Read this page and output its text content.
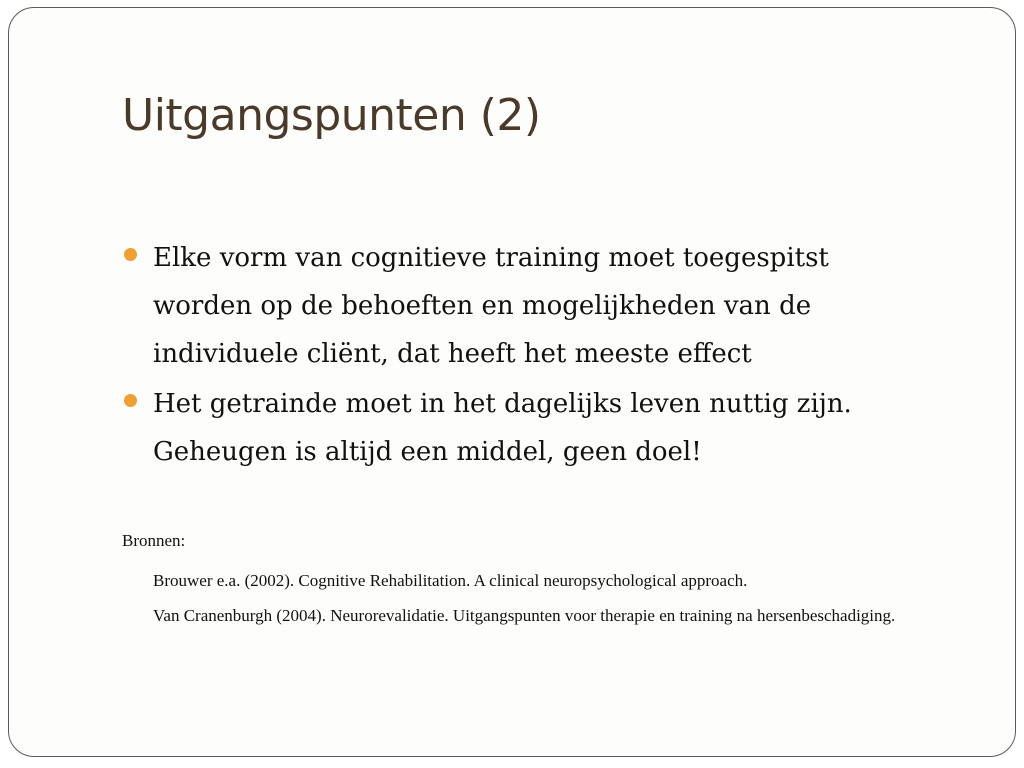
Uitgangspunten (2)
Elke vorm van cognitieve training moet toegespitst worden op de behoeften en mogelijkheden van de individuele cliënt, dat heeft het meeste effect
Het getrainde moet in het dagelijks leven nuttig zijn. Geheugen is altijd een middel, geen doel!

Bronnen:

Brouwer e.a. (2002). Cognitive Rehabilitation. A clinical neuropsychological approach.
Van Cranenburgh (2004). Neurorevalidatie. Uitgangspunten voor therapie en training na hersenbeschadiging.
